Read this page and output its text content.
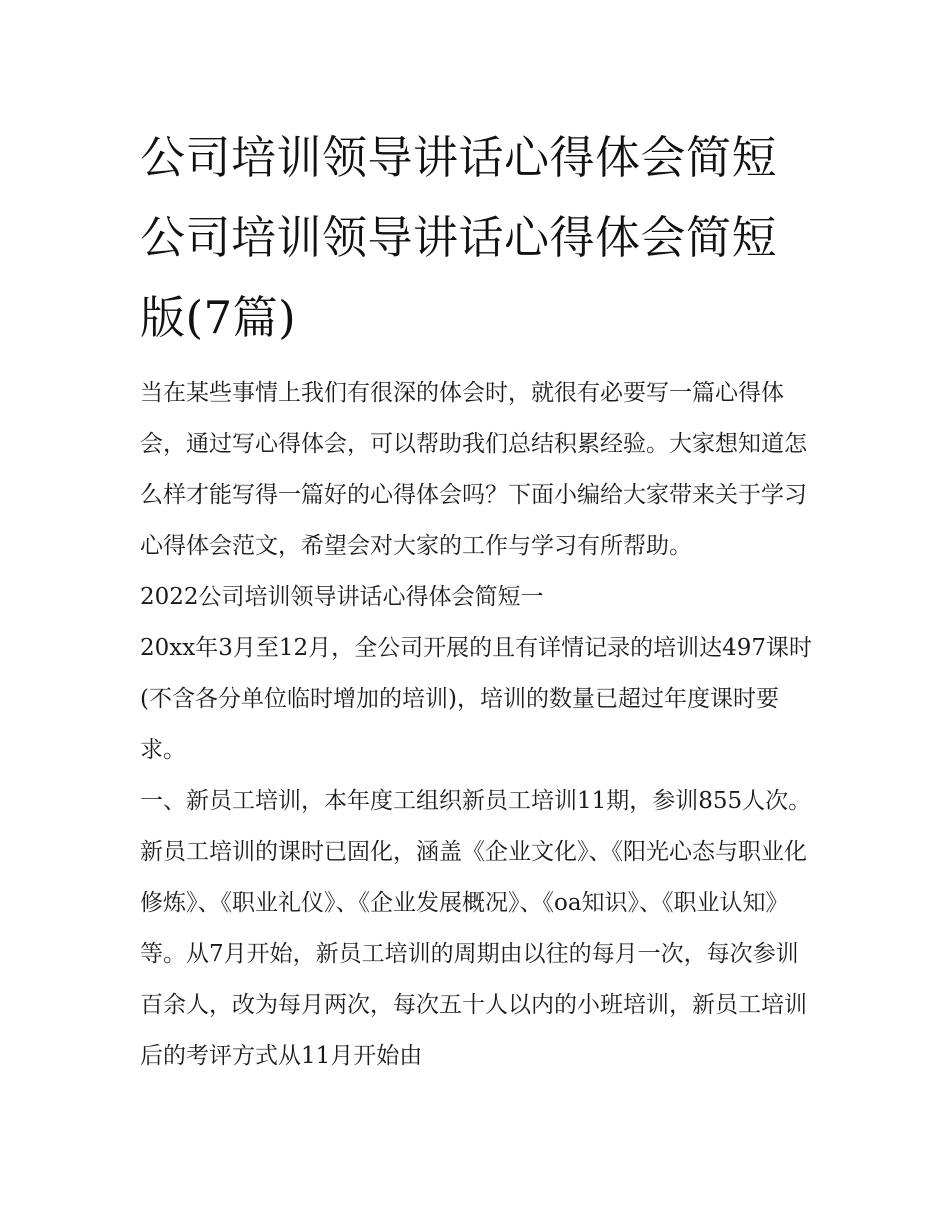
公司培训领导讲话心得体会简短 公司培训领导讲话心得体会简短版(7篇)

当在某些事情上我们有很深的体会时，就很有必要写一篇心得体会，通过写心得体会，可以帮助我们总结积累经验。大家想知道怎么样才能写得一篇好的心得体会吗？下面小编给大家带来关于学习心得体会范文，希望会对大家的工作与学习有所帮助。

2022公司培训领导讲话心得体会简短一

20xx年3月至12月，全公司开展的且有详情记录的培训达497课时(不含各分单位临时增加的培训)，培训的数量已超过年度课时要求。

一、新员工培训，本年度工组织新员工培训11期，参训855人次。新员工培训的课时已固化，涵盖《企业文化》、《阳光心态与职业化修炼》、《职业礼仪》、《企业发展概况》、《oa知识》、《职业认知》等。从7月开始，新员工培训的周期由以往的每月一次，每次参训百余人，改为每月两次，每次五十人以内的小班培训，新员工培训后的考评方式从11月开始由
